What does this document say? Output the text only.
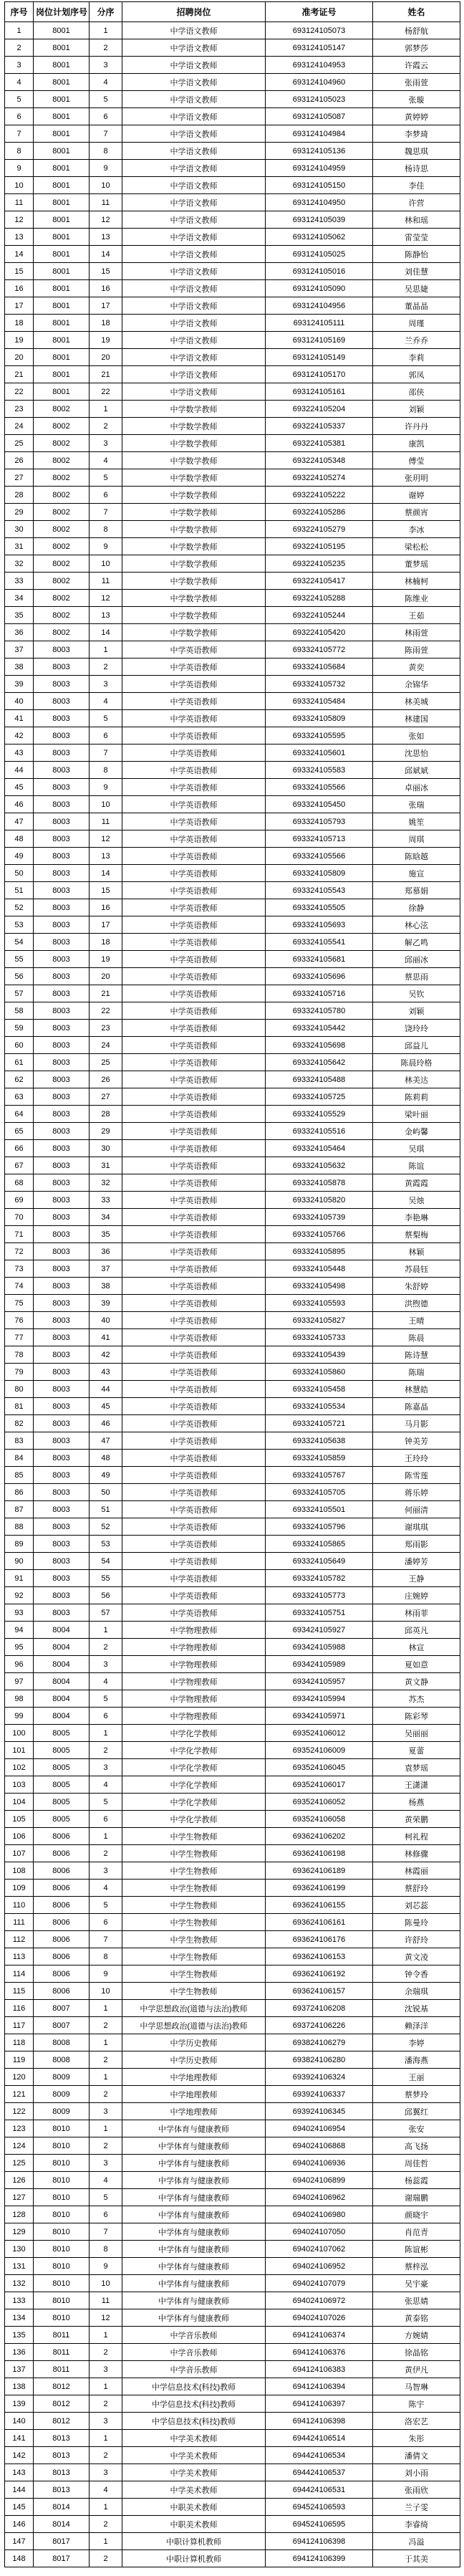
序号	岗位计划序号	分序	招聘岗位	准考证号	姓名
1	8001	1	中学语文教师	693124105073	杨舒航
2	8001	2	中学语文教师	693124105147	郭梦莎
3	8001	3	中学语文教师	693124104953	许霞云
4	8001	4	中学语文教师	693124104960	张雨萱
5	8001	5	中学语文教师	693124105023	张璇
6	8001	6	中学语文教师	693124105087	黄婷婷
7	8001	7	中学语文教师	693124104984	李梦琦
8	8001	8	中学语文教师	693124105136	魏思琪
9	8001	9	中学语文教师	693124104959	杨诗思
10	8001	10	中学语文教师	693124105150	李佳
11	8001	11	中学语文教师	693124104950	许营
12	8001	12	中学语文教师	693124105039	林和瑶
13	8001	13	中学语文教师	693124105062	雷莹莹
14	8001	14	中学语文教师	693124105025	陈静怡
15	8001	15	中学语文教师	693124105016	刘佳慧
16	8001	16	中学语文教师	693124105090	吴思婕
17	8001	17	中学语文教师	693124104956	董晶晶
18	8001	18	中学语文教师	693124105111	周瑾
19	8001	19	中学语文教师	693124105169	兰乔乔
20	8001	20	中学语文教师	693124105149	李莉
21	8001	21	中学语文教师	693124105170	郭凤
22	8001	22	中学语文教师	693124105161	邵侠
23	8002	1	中学数学教师	693224105204	刘颖
24	8002	2	中学数学教师	693224105337	许丹丹
25	8002	3	中学数学教师	693224105381	康凯
26	8002	4	中学数学教师	693224105348	傅莹
27	8002	5	中学数学教师	693224105274	张玥明
28	8002	6	中学数学教师	693224105222	谢婷
29	8002	7	中学数学教师	693224105286	蔡颜宵
30	8002	8	中学数学教师	693224105279	李冰
31	8002	9	中学数学教师	693224105195	梁松松
32	8002	10	中学数学教师	693224105235	董梦瑶
33	8002	11	中学数学教师	693224105417	林楠柯
34	8002	12	中学数学教师	693224105288	陈维业
35	8002	13	中学数学教师	693224105244	王茹
36	8002	14	中学数学教师	693224105420	林雨萱
37	8003	1	中学英语教师	693324105772	陈雨萱
38	8003	2	中学英语教师	693324105684	黄奕
39	8003	3	中学英语教师	693324105732	余锦华
40	8003	4	中学英语教师	693324105484	林美城
41	8003	5	中学英语教师	693324105809	林建国
42	8003	6	中学英语教师	693324105595	张如
43	8003	7	中学英语教师	693324105601	沈思怡
44	8003	8	中学英语教师	693324105583	邱斌斌
45	8003	9	中学英语教师	693324105566	卓丽冰
46	8003	10	中学英语教师	693324105450	张瑞
47	8003	11	中学英语教师	693324105793	姚笙
48	8003	12	中学英语教师	693324105713	周琪
49	8003	13	中学英语教师	693324105566	陈晗越
50	8003	14	中学英语教师	693324105809	施宣
51	8003	15	中学英语教师	693324105543	郑慕娟
52	8003	16	中学英语教师	693324105505	徐静
53	8003	17	中学英语教师	693324105693	林心泫
54	8003	18	中学英语教师	693324105541	解乙鸣
55	8003	19	中学英语教师	693324105681	邱丽冰
56	8003	20	中学英语教师	693324105696	蔡思雨
57	8003	21	中学英语教师	693324105716	吴钦
58	8003	22	中学英语教师	693324105780	刘颖
59	8003	23	中学英语教师	693324105442	饶玲玲
60	8003	24	中学英语教师	693324105698	邱益儿
61	8003	25	中学英语教师	693324105642	陈晨玲格
62	8003	26	中学英语教师	693324105488	林美达
63	8003	27	中学英语教师	693324105725	陈莉莉
64	8003	28	中学英语教师	693324105529	梁叶丽
65	8003	29	中学英语教师	693324105516	金屿馨
66	8003	30	中学英语教师	693324105464	吴琪
67	8003	31	中学英语教师	693324105632	陈谊
68	8003	32	中学英语教师	693324105878	黄霞霞
69	8003	33	中学英语教师	693324105820	吴烛
70	8003	34	中学英语教师	693324105739	李艳琳
71	8003	35	中学英语教师	693324105766	蔡梨梅
72	8003	36	中学英语教师	693324105895	林颖
73	8003	37	中学英语教师	693324105448	苏晨钰
74	8003	38	中学英语教师	693324105498	朱舒婷
75	8003	39	中学英语教师	693324105593	洪煦德
76	8003	40	中学英语教师	693324105827	王晴
77	8003	41	中学英语教师	693324105733	陈晨
78	8003	42	中学英语教师	693324105439	陈诗慧
79	8003	43	中学英语教师	693324105860	陈瑞
80	8003	44	中学英语教师	693324105458	林慧皓
81	8003	45	中学英语教师	693324105534	陈嘉晶
82	8003	46	中学英语教师	693324105721	马月影
83	8003	47	中学英语教师	693324105638	钟美芳
84	8003	48	中学英语教师	693324105859	王玲玲
85	8003	49	中学英语教师	693324105767	陈雪莲
86	8003	50	中学英语教师	693324105705	蒋乐婷
87	8003	51	中学英语教师	693324105501	何丽清
88	8003	52	中学英语教师	693324105796	谢琪琪
89	8003	53	中学英语教师	693324105865	郑雨影
90	8003	54	中学英语教师	693324105649	潘婷芳
91	8003	55	中学英语教师	693324105782	王静
92	8003	56	中学英语教师	693324105773	庄婉婷
93	8003	57	中学英语教师	693324105751	林雨菲
94	8004	1	中学物理教师	693424105927	邱英凡
95	8004	2	中学物理教师	693424105988	林宣
96	8004	3	中学物理教师	693424105989	夏如意
97	8004	4	中学物理教师	693424105957	黄文静
98	8004	5	中学物理教师	693424105994	苏杰
99	8004	6	中学物理教师	693424105971	陈彩琴
100	8005	1	中学化学教师	693524106012	吴丽丽
101	8005	2	中学化学教师	693524106009	夏蕾
102	8005	3	中学化学教师	693524106045	袁梦瑶
103	8005	4	中学化学教师	693524106017	王潇潇
104	8005	5	中学化学教师	693524106052	杨燕
105	8005	6	中学化学教师	693524106058	黄荣鹏
106	8006	1	中学生物教师	693624106202	柯礼程
107	8006	2	中学生物教师	693624106198	林修骤
108	8006	3	中学生物教师	693624106189	林霞丽
109	8006	4	中学生物教师	693624106199	蔡舒玲
110	8006	5	中学生物教师	693624106155	刘芯蕊
111	8006	6	中学生物教师	693624106161	陈曼玲
112	8006	7	中学生物教师	693624106176	许舒玲
113	8006	8	中学生物教师	693624106153	黄文凌
114	8006	9	中学生物教师	693624106192	钟令香
115	8006	10	中学生物教师	693624106157	余瑞琪
116	8007	1	中学思想政治(道德与法治)教师	693724106208	沈锐基
117	8007	2	中学思想政治(道德与法治)教师	693724106226	赖泽洋
118	8008	1	中学历史教师	693824106279	李婷
119	8008	2	中学历史教师	693824106280	潘海燕
120	8009	1	中学地理教师	693924106324	王丽
121	8009	2	中学地理教师	693924106337	蔡梦玲
122	8009	3	中学地理教师	693924106345	邱翼红
123	8010	1	中学体育与健康教师	694024106954	张安
124	8010	2	中学体育与健康教师	694024106868	高飞扬
125	8010	3	中学体育与健康教师	694024106936	周佳哲
126	8010	4	中学体育与健康教师	694024106899	杨蕊霞
127	8010	5	中学体育与健康教师	694024106962	谢瑞鹏
128	8010	6	中学体育与健康教师	694024106980	颜晓宇
129	8010	7	中学体育与健康教师	694024107050	肖范青
130	8010	8	中学体育与健康教师	694024107062	陈谊彬
131	8010	9	中学体育与健康教师	694024106952	蔡梓泓
132	8010	10	中学体育与健康教师	694024107079	吴宇豪
133	8010	11	中学体育与健康教师	694024106972	张思婧
134	8010	12	中学体育与健康教师	694024107026	黄泰铭
135	8011	1	中学音乐教师	694124106374	方婉婧
136	8011	2	中学音乐教师	694124106376	徐晶铭
137	8011	3	中学音乐教师	694124106383	黄伊凡
138	8012	1	中学信息技术(科技)教师	694124106394	马智琳
139	8012	2	中学信息技术(科技)教师	694124106397	陈宇
140	8012	3	中学信息技术(科技)教师	694124106398	洛宏艺
141	8013	1	中学美术教师	694424106514	朱彤
142	8013	2	中学美术教师	694424106534	潘倩文
143	8013	3	中学美术教师	694424106537	刘小雨
144	8013	4	中学美术教师	694424106531	张雨欣
145	8014	1	中职美术教师	694524106593	兰子雯
146	8014	2	中职美术教师	694524106595	李睿绮
147	8017	1	中职计算机教师	694124106398	冯溢
148	8017	2	中职计算机教师	694124106399	于其美
